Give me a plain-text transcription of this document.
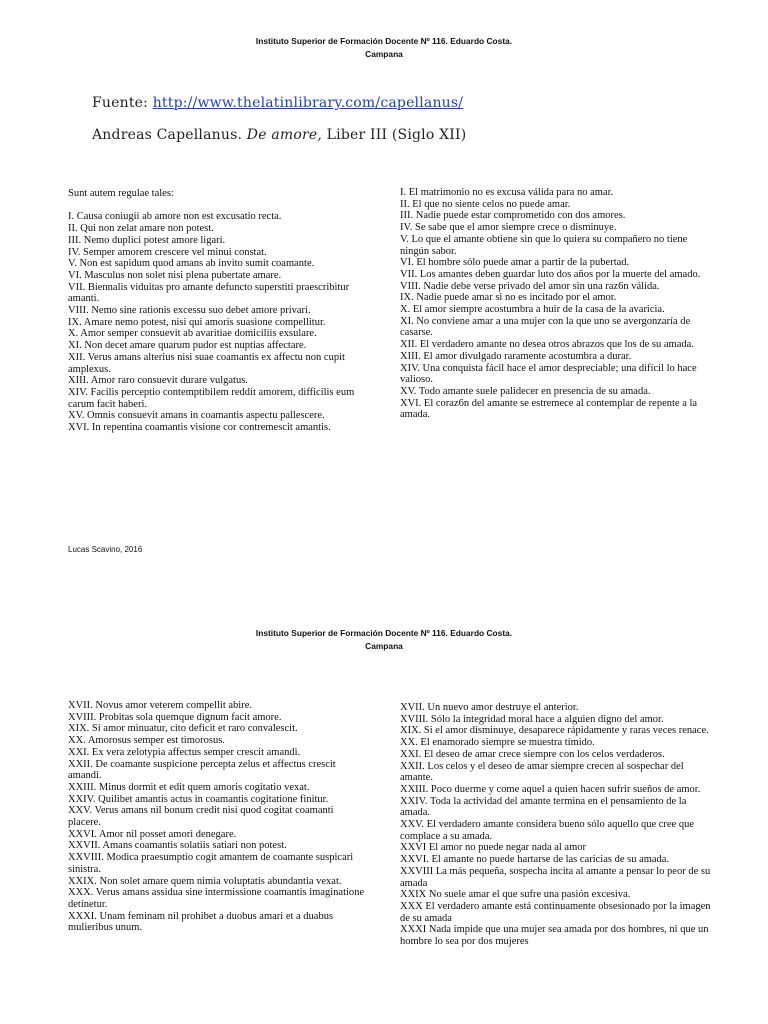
Instituto Superior de Formación Docente Nº 116. Eduardo Costa.
Campana
Fuente: http://www.thelatinlibrary.com/capellanus/
Andreas Capellanus. De amore, Liber III (Siglo XII)
Sunt autem regulae tales:
I. Causa coniugii ab amore non est excusatio recta.
II. Qui non zelat amare non potest.
III. Nemo duplici potest amore ligari.
IV. Semper amorem crescere vel minui constat.
V. Non est sapidum quod amans ab invito sumit coamante.
VI. Masculus non solet nisi plena pubertate amare.
VII. Biennalis viduitas pro amante defuncto superstiti praescribitur amanti.
VIII. Nemo sine rationis excessu suo debet amore privari.
IX. Amare nemo potest, nisi qui amoris suasione compellitur.
X. Amor semper consuevit ab avaritiae domiciliis exsulare.
XI. Non decet amare quarum pudor est nuptias affectare.
XII. Verus amans alterius nisi suae coamantis ex affectu non cupit amplexus.
XIII. Amor raro consuevit durare vulgatus.
XIV. Facilis perceptio contemptibilem reddit amorem, difficilis eum carum facit haberi.
XV. Omnis consuevit amans in coamantis aspectu pallescere.
XVI. In repentina coamantis visione cor contremescit amantis.
I. El matrimonio no es excusa válida para no amar.
II. El que no siente celos no puede amar.
III. Nadie puede estar comprometido con dos amores.
IV. Se sabe que el amor siempre crece o disminuye.
V. Lo que el amante obtiene sin que lo quiera su compañero no tiene ningún sabor.
VI. El hombre sólo puede amar a partir de la pubertad.
VII. Los amantes deben guardar luto dos años por la muerte del amado.
VIII. Nadie debe verse privado del amor sin una raz6n válida.
IX. Nadie puede amar si no es incitado por el amor.
X. El amor siempre acostumbra a huir de la casa de la avaricia.
XI. No conviene amar a una mujer con la que uno se avergonzaría de casarse.
XII. El verdadero amante no desea otros abrazos que los de su amada.
XIII. El amor divulgado raramente acostumbra a durar.
XIV. Una conquista fácil hace el amor despreciable; una difícil lo hace valioso.
XV. Todo amante suele palidecer en presencia de su amada.
XVI. El coraz6n del amante se estremece al contemplar de repente a la amada.
Lucas Scavino, 2016
Instituto Superior de Formación Docente Nº 116. Eduardo Costa.
Campana
XVII. Novus amor veterem compellit abire.
XVIII. Probitas sola quemque dignum facit amore.
XIX. Si amor minuatur, cito deficit et raro convalescit.
XX. Amorosus semper est timorosus.
XXI. Ex vera zelotypia affectus semper crescit amandi.
XXII. De coamante suspicione percepta zelus et affectus crescit amandi.
XXIII. Minus dormit et edit quem amoris cogitatio vexat.
XXIV. Quilibet amantis actus in coamantis cogitatione finitur.
XXV. Verus amans nil bonum credit nisi quod cogitat coamanti placere.
XXVI. Amor nil posset amori denegare.
XXVII. Amans coamantis solatiis satiari non potest.
XXVIII. Modica praesumptio cogit amantem de coamante suspicari sinistra.
XXIX. Non solet amare quem nimia voluptatis abundantia vexat.
XXX. Verus amans assidua sine intermissione coamantis imaginatione detinetur.
XXXI. Unam feminam nil prohibet a duobus amari et a duabus mulieribus unum.
XVII. Un nuevo amor destruye el anterior.
XVIII. Sólo la integridad moral hace a alguien digno del amor.
XIX. Si el amor disminuye, desaparece rápidamente y raras veces renace.
XX. El enamorado siempre se muestra tímido.
XXI. El deseo de amar crece siempre con los celos verdaderos.
XXII. Los celos y el deseo de amar siempre crecen al sospechar del amante.
XXIII. Poco duerme y come aquel a quien hacen sufrir sueños de amor.
XXIV. Toda la actividad del amante termina en el pensamiento de la amada.
XXV. El verdadero amante considera bueno sólo aquello que cree que complace a su amada.
XXVI El amor no puede negar nada al amor
XXVI. El amante no puede hartarse de las caricias de su amada.
XXVIII La más pequeña, sospecha incita al amante a pensar lo peor de su amada
XXIX No suele amar el que sufre una pasión excesiva.
XXX El verdadero amante está continuamente obsesionado por la imagen de su amada
XXXI Nada impide que una mujer sea amada por dos hombres, ni que un hombre lo sea por dos mujeres
